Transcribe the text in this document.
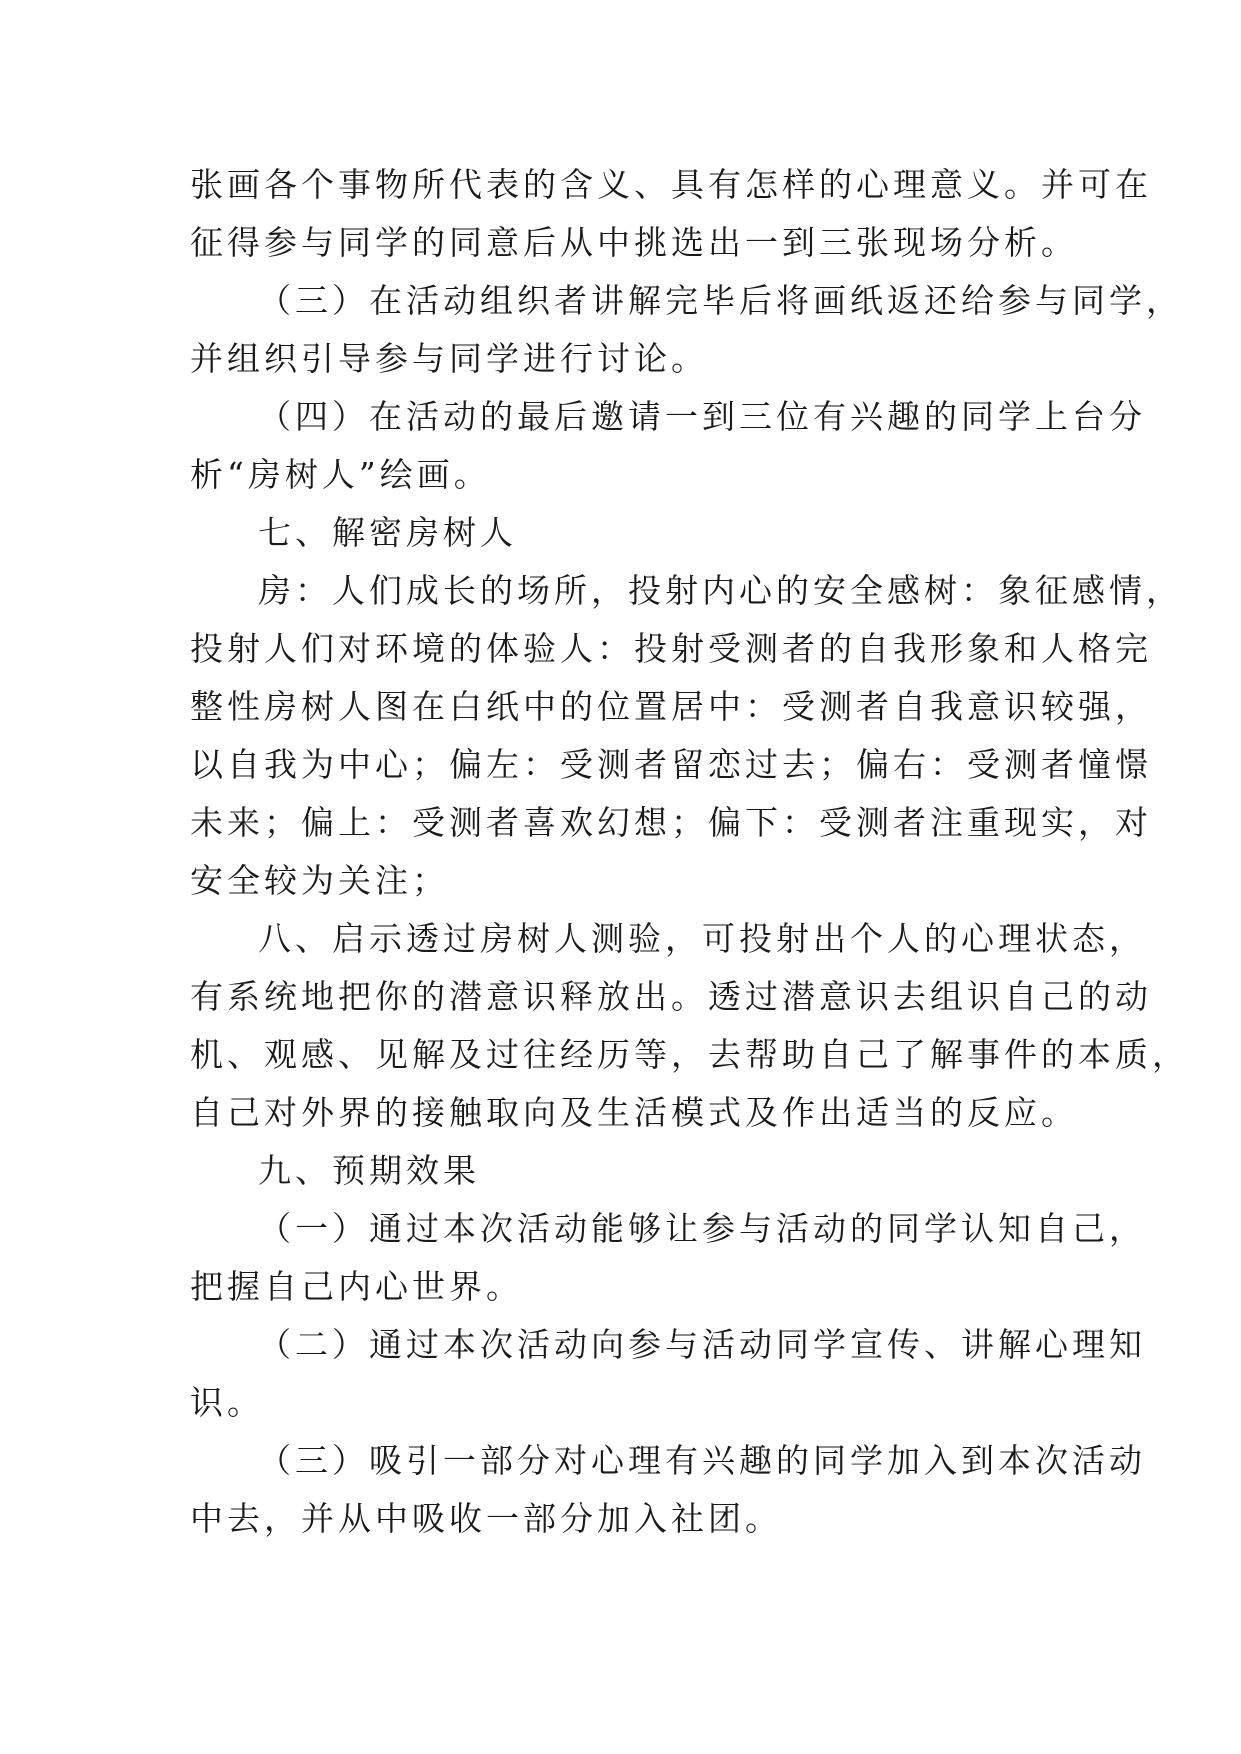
张画各个事物所代表的含义、具有怎样的心理意义。并可在
征得参与同学的同意后从中挑选出一到三张现场分析。
（三）在活动组织者讲解完毕后将画纸返还给参与同学，
并组织引导参与同学进行讨论。
（四）在活动的最后邀请一到三位有兴趣的同学上台分
析“房树人”绘画。
七、解密房树人
房：人们成长的场所，投射内心的安全感树：象征感情，
投射人们对环境的体验人：投射受测者的自我形象和人格完
整性房树人图在白纸中的位置居中：受测者自我意识较强，
以自我为中心；偏左：受测者留恋过去；偏右：受测者憧憬
未来；偏上：受测者喜欢幻想；偏下：受测者注重现实，对
安全较为关注；
八、启示透过房树人测验，可投射出个人的心理状态，
有系统地把你的潜意识释放出。透过潜意识去组识自己的动
机、观感、见解及过往经历等，去帮助自己了解事件的本质，
自己对外界的接触取向及生活模式及作出适当的反应。
九、预期效果
（一）通过本次活动能够让参与活动的同学认知自己，
把握自己内心世界。
（二）通过本次活动向参与活动同学宣传、讲解心理知
识。
（三）吸引一部分对心理有兴趣的同学加入到本次活动
中去，并从中吸收一部分加入社团。
